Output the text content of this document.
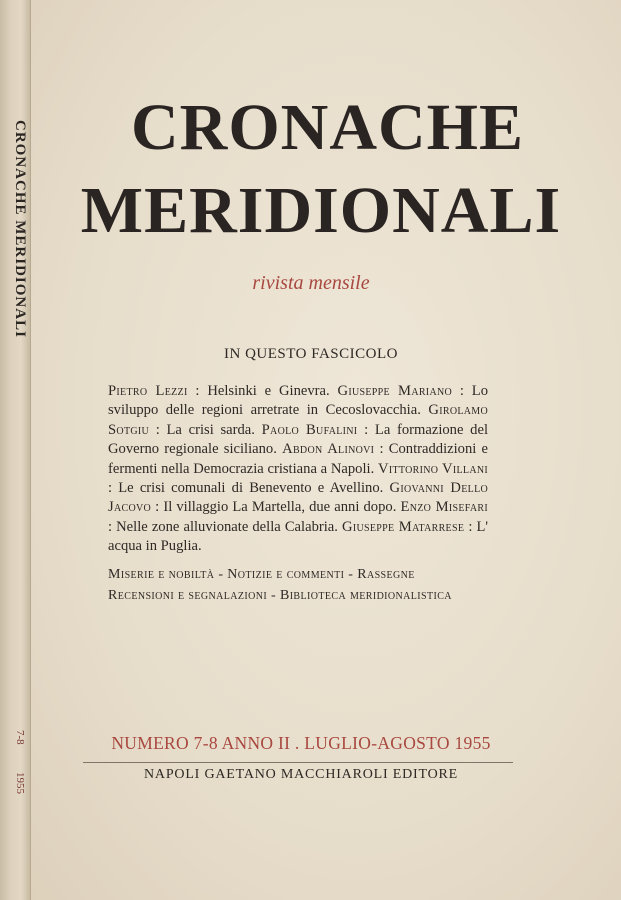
CRONACHE MERIDIONALI
7-8
1955
CRONACHE
MERIDIONALI
rivista mensile
IN QUESTO FASCICOLO
Pietro Lezzi : Helsinki e Ginevra. Giuseppe Mariano : Lo sviluppo delle regioni arretrate in Cecoslovacchia. Girolamo Sotgiu : La crisi sarda. Paolo Bufalini : La formazione del Governo regionale siciliano. Abdon Alinovi : Contraddizioni e fermenti nella Democrazia cristiana a Napoli. Vittorino Villani : Le crisi comunali di Benevento e Avellino. Giovanni Dello Jacovo : Il villaggio La Martella, due anni dopo. Enzo Misefari : Nelle zone alluvionate della Calabria. Giuseppe Matarrese : L' acqua in Puglia.
Miserie e nobiltà - Notizie e commenti - Rassegne
Recensioni e segnalazioni - Biblioteca meridionalistica
NUMERO 7-8 ANNO II . LUGLIO-AGOSTO 1955
NAPOLI GAETANO MACCHIAROLI EDITORE
